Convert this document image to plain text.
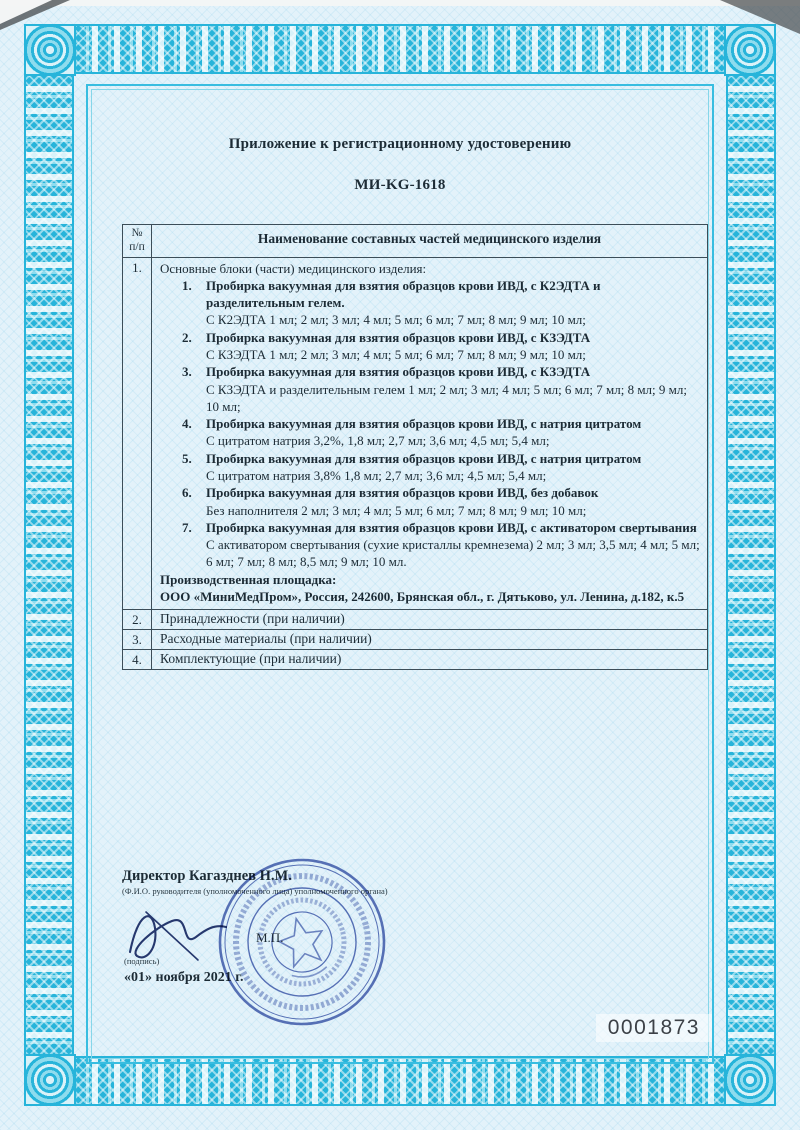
Приложение к регистрационному удостоверению
МИ-KG-1618
№
п/п	Наименование составных частей медицинского изделия
1.	Основные блоки (части) медицинского изделия:
1. Пробирка вакуумная для взятия образцов крови ИВД, с К2ЭДТА и разделительным гелем.
С К2ЭДТА 1 мл; 2 мл; 3 мл; 4 мл; 5 мл; 6 мл; 7 мл; 8 мл; 9 мл; 10 мл;
2. Пробирка вакуумная для взятия образцов крови ИВД, с КЗЭДТА
С КЗЭДТА 1 мл; 2 мл; 3 мл; 4 мл; 5 мл; 6 мл; 7 мл; 8 мл; 9 мл; 10 мл;
3. Пробирка вакуумная для взятия образцов крови ИВД, с КЗЭДТА
С КЗЭДТА и разделительным гелем 1 мл; 2 мл; 3 мл; 4 мл; 5 мл; 6 мл; 7 мл; 8 мл; 9 мл; 10 мл;
4. Пробирка вакуумная для взятия образцов крови ИВД, с натрия цитратом
С цитратом натрия 3,2%, 1,8 мл; 2,7 мл; 3,6 мл; 4,5 мл; 5,4 мл;
5. Пробирка вакуумная для взятия образцов крови ИВД, с натрия цитратом
С цитратом натрия 3,8% 1,8 мл; 2,7 мл; 3,6 мл; 4,5 мл; 5,4 мл;
6. Пробирка вакуумная для взятия образцов крови ИВД, без добавок
Без наполнителя 2 мл; 3 мл; 4 мл; 5 мл; 6 мл; 7 мл; 8 мл; 9 мл; 10 мл;
7. Пробирка вакуумная для взятия образцов крови ИВД, с активатором свертывания
С активатором свертывания (сухие кристаллы кремнезема) 2 мл; 3 мл; 3,5 мл; 4 мл; 5 мл; 6 мл; 7 мл; 8 мл; 8,5 мл; 9 мл; 10 мл.
Производственная площадка:
ООО «МиниМедПром», Россия, 242600, Брянская обл., г. Дятьково, ул. Ленина, д.182, к.5

2.	Принадлежности (при наличии)
3.	Расходные материалы (при наличии)
4.	Комплектующие (при наличии)
Директор Кагазднев Н.М.
(Ф.И.О. руководителя (уполномоченного лица) уполномоченного органа)
М.П.
(подпись)
«01» ноября 2021 г.
0001873
